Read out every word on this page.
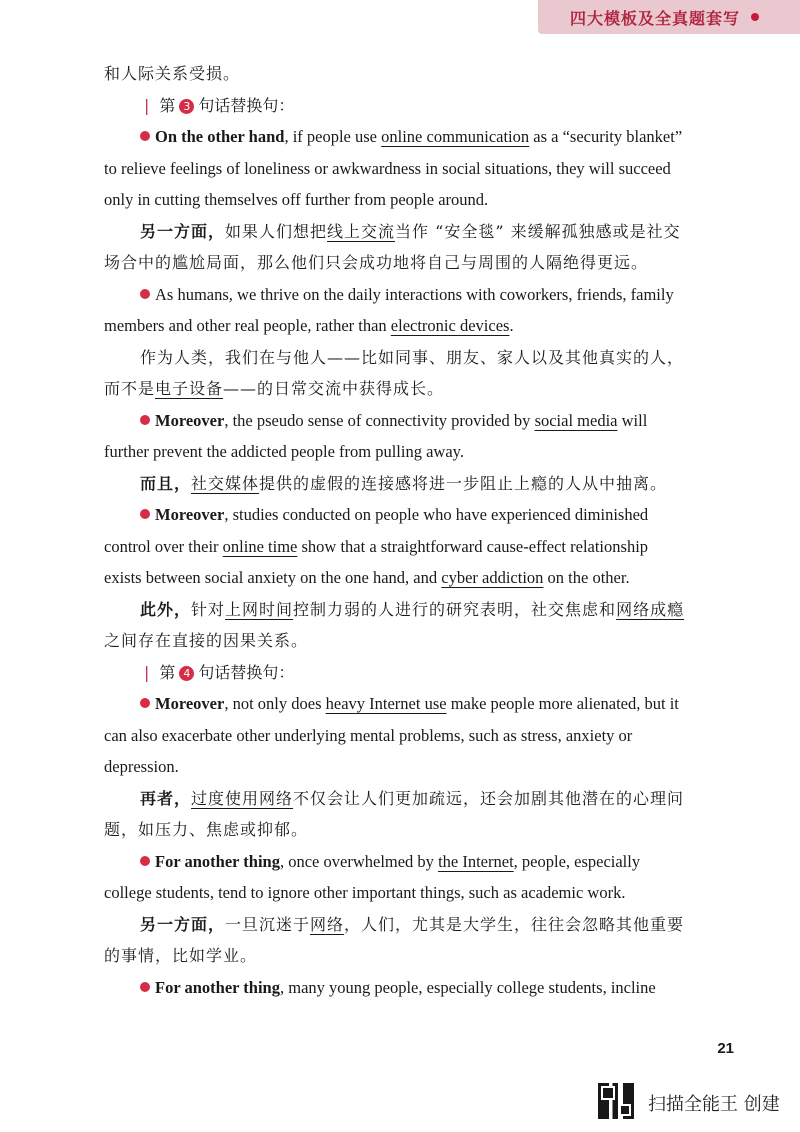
四大模板及全真题套写

和人际关系受损。

| 第 3 句话替换句：

On the other hand, if people use online communication as a “security blanket” to relieve feelings of loneliness or awkwardness in social situations, they will succeed only in cutting themselves off further from people around.

另一方面，如果人们想把线上交流当作 “安全毯” 来缓解孤独感或是社交场合中的尴尬局面，那么他们只会成功地将自己与周围的人隔绝得更远。

As humans, we thrive on the daily interactions with coworkers, friends, family members and other real people, rather than electronic devices.

作为人类，我们在与他人——比如同事、朋友、家人以及其他真实的人，而不是电子设备——的日常交流中获得成长。

Moreover, the pseudo sense of connectivity provided by social media will further prevent the addicted people from pulling away.

而且，社交媒体提供的虚假的连接感将进一步阻止上瘾的人从中抽离。

Moreover, studies conducted on people who have experienced diminished control over their online time show that a straightforward cause-effect relationship exists between social anxiety on the one hand, and cyber addiction on the other.

此外，针对上网时间控制力弱的人进行的研究表明，社交焦虑和网络成瘾之间存在直接的因果关系。

| 第 4 句话替换句：

Moreover, not only does heavy Internet use make people more alienated, but it can also exacerbate other underlying mental problems, such as stress, anxiety or depression.

再者，过度使用网络不仅会让人们更加疏远，还会加剧其他潜在的心理问题，如压力、焦虑或抑郁。

For another thing, once overwhelmed by the Internet, people, especially college students, tend to ignore other important things, such as academic work.

另一方面，一旦沉迷于网络，人们，尤其是大学生，往往会忽略其他重要的事情，比如学业。

For another thing, many young people, especially college students, incline

21
扫描全能王 创建
